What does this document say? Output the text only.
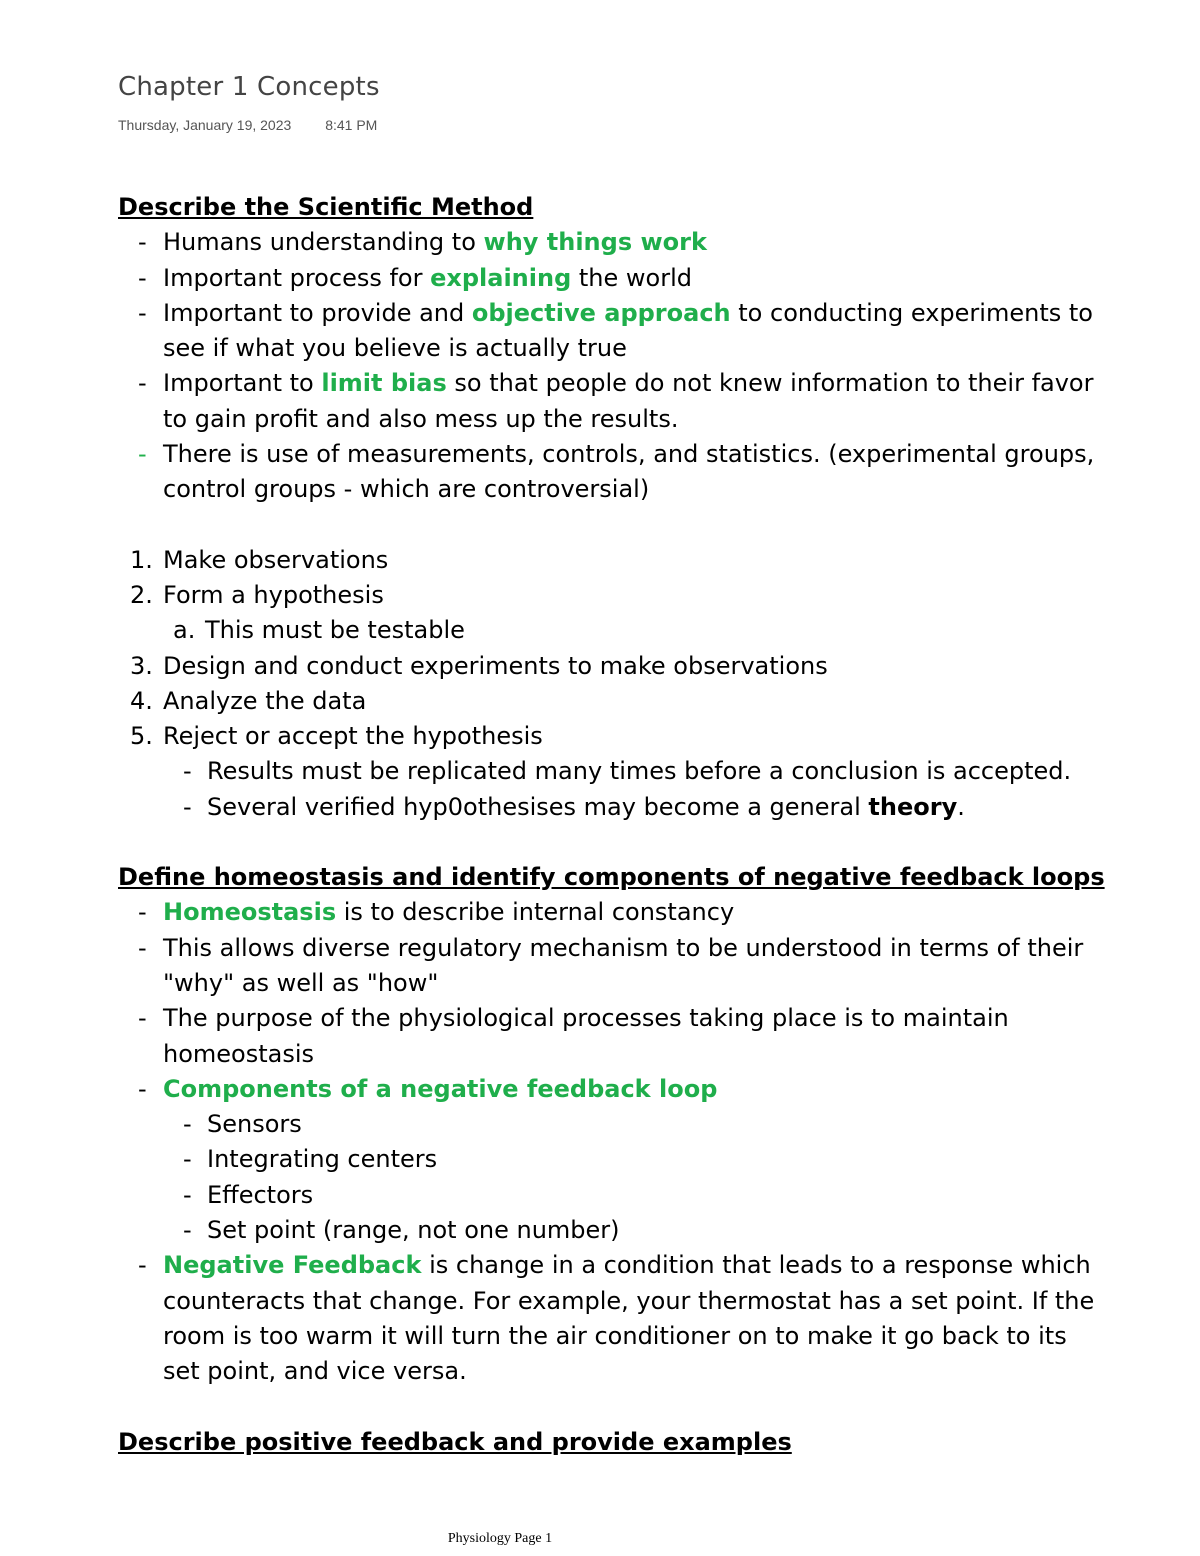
Chapter 1 Concepts
Thursday, January 19, 2023 8:41 PM
Describe the Scientific Method
- Humans understanding to why things work
- Important process for explaining the world
- Important to provide and objective approach to conducting experiments to
see if what you believe is actually true
- Important to limit bias so that people do not knew information to their favor
to gain profit and also mess up the results.
- There is use of measurements, controls, and statistics. (experimental groups,
control groups - which are controversial)
1. Make observations
2. Form a hypothesis
a. This must be testable
3. Design and conduct experiments to make observations
4. Analyze the data
5. Reject or accept the hypothesis
- Results must be replicated many times before a conclusion is accepted.
- Several verified hyp0othesises may become a general theory.
Define homeostasis and identify components of negative feedback loops
- Homeostasis is to describe internal constancy
- This allows diverse regulatory mechanism to be understood in terms of their
"why" as well as "how"
- The purpose of the physiological processes taking place is to maintain
homeostasis
- Components of a negative feedback loop
- Sensors
- Integrating centers
- Effectors
- Set point (range, not one number)
- Negative Feedback is change in a condition that leads to a response which
counteracts that change. For example, your thermostat has a set point. If the
room is too warm it will turn the air conditioner on to make it go back to its
set point, and vice versa.
Describe positive feedback and provide examples
Physiology Page 1
